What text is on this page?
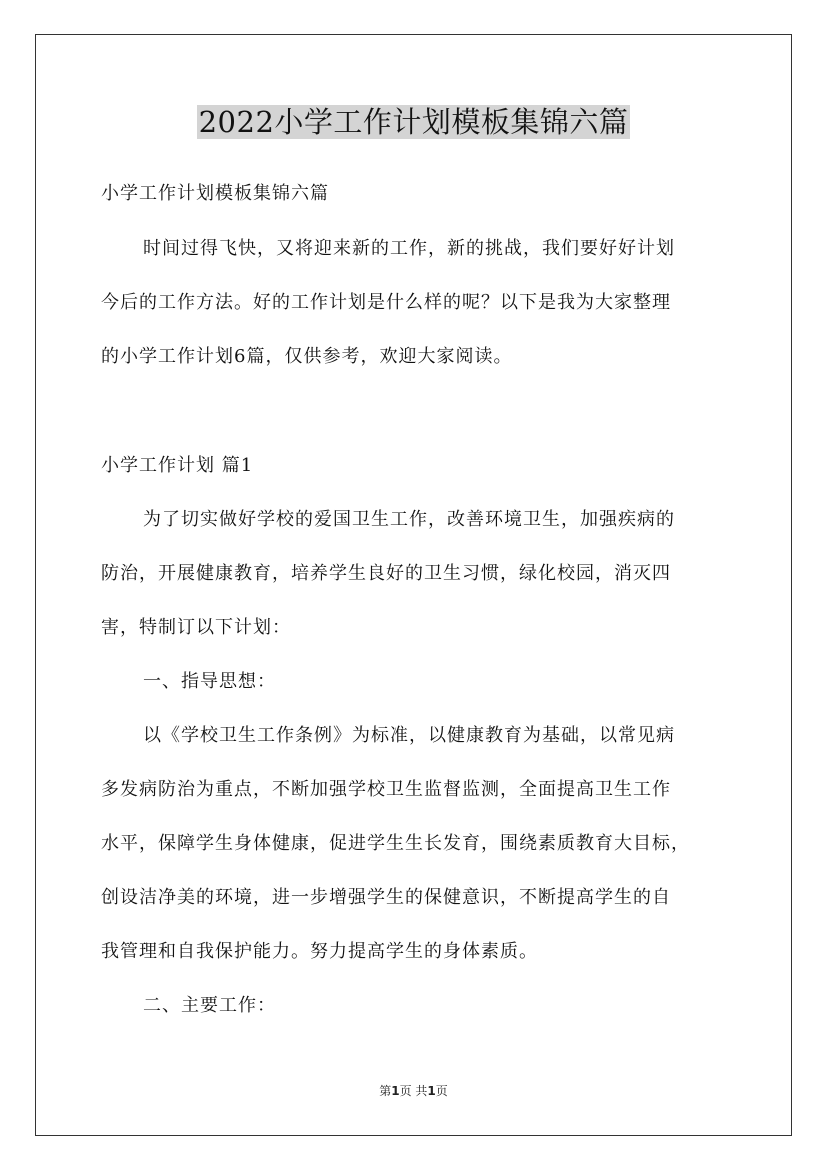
2022小学工作计划模板集锦六篇
小学工作计划模板集锦六篇
时间过得飞快，又将迎来新的工作，新的挑战，我们要好好计划
今后的工作方法。好的工作计划是什么样的呢？以下是我为大家整理
的小学工作计划6篇，仅供参考，欢迎大家阅读。
小学工作计划 篇1
为了切实做好学校的爱国卫生工作，改善环境卫生，加强疾病的
防治，开展健康教育，培养学生良好的卫生习惯，绿化校园，消灭四
害，特制订以下计划：
一、指导思想：
以《学校卫生工作条例》为标准，以健康教育为基础，以常见病
多发病防治为重点，不断加强学校卫生监督监测，全面提高卫生工作
水平，保障学生身体健康，促进学生生长发育，围绕素质教育大目标，
创设洁净美的环境，进一步增强学生的保健意识，不断提高学生的自
我管理和自我保护能力。努力提高学生的身体素质。
二、主要工作：
第1页 共1页
